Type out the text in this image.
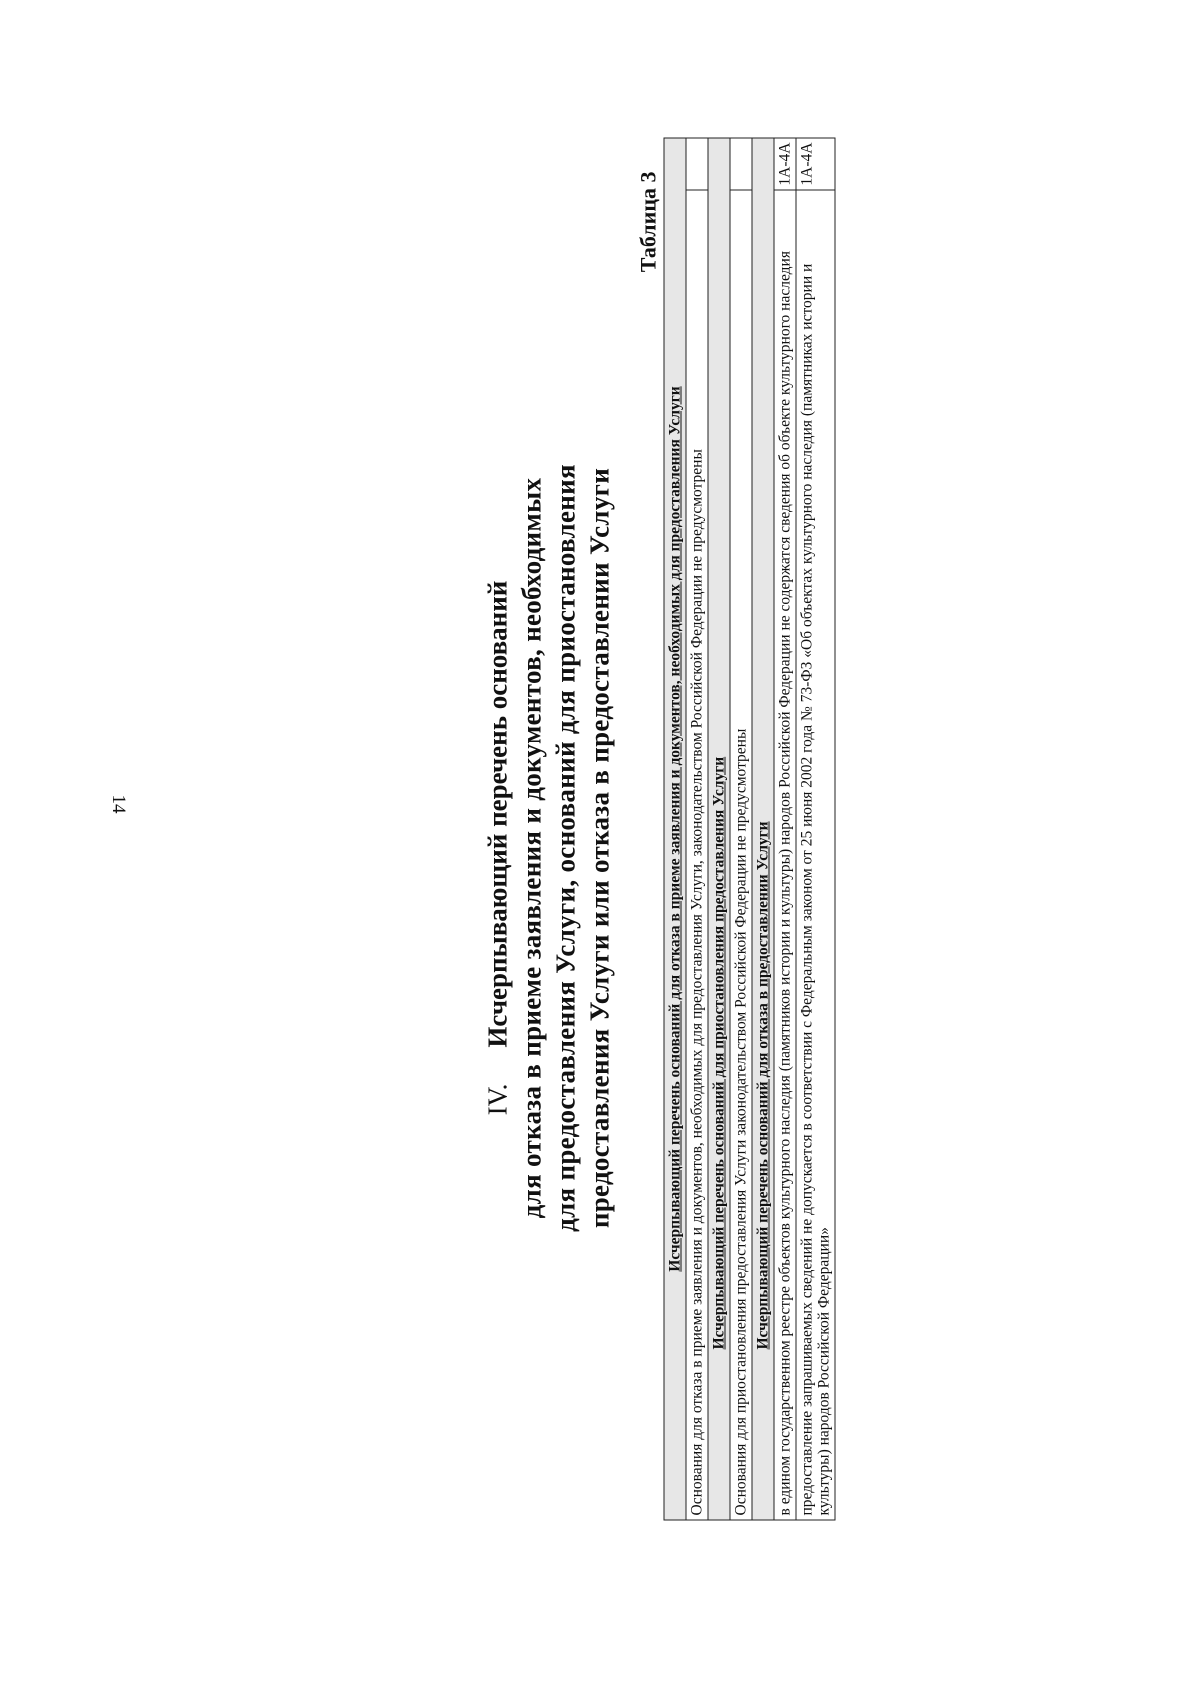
14
IV.Исчерпывающий перечень оснований для отказа в приеме заявления и документов, необходимых для предоставления Услуги, оснований для приостановления предоставления Услуги или отказа в предоставлении Услуги
Таблица 3
Исчерпывающий перечень оснований для отказа в приеме заявления и документов, необходимых для предоставления Услуги	
Основания для отказа в приеме заявления и документов, необходимых для предоставления Услуги, законодательством Российской Федерации не предусмотрены	
Исчерпывающий перечень оснований для приостановления предоставления Услуги	
Основания для приостановления предоставления Услуги законодательством Российской Федерации не предусмотрены	
Исчерпывающий перечень оснований для отказа в предоставлении Услуги	
в едином государственном реестре объектов культурного наследия (памятников истории и культуры) народов Российской Федерации не содержатся сведения об объекте культурного наследия	1А-4А
предоставление запрашиваемых сведений не допускается в соответствии с Федеральным законом от 25 июня 2002 года № 73-ФЗ «Об объектах культурного наследия (памятниках истории и культуры) народов Российской Федерации»	1А-4А
